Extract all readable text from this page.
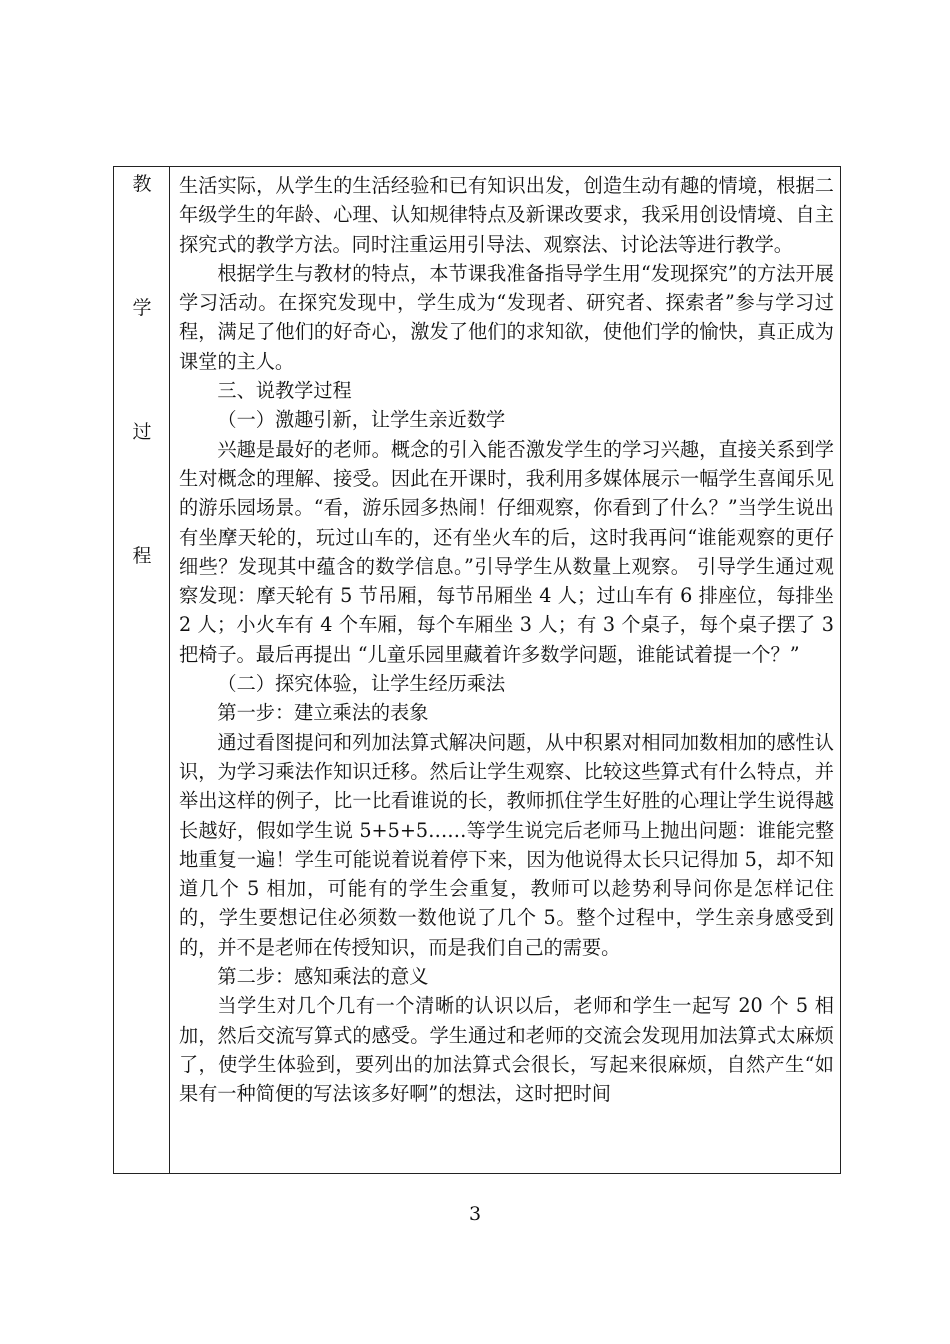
教
学
过
程

生活实际，从学生的生活经验和已有知识出发，创造生动有趣的情境，根据二年级学生的年龄、心理、认知规律特点及新课改要求，我采用创设情境、自主探究式的教学方法。同时注重运用引导法、观察法、讨论法等进行教学。

根据学生与教材的特点，本节课我准备指导学生用“发现探究”的方法开展学习活动。在探究发现中，学生成为“发现者、研究者、探索者”参与学习过程，满足了他们的好奇心，激发了他们的求知欲，使他们学的愉快，真正成为课堂的主人。

三、说教学过程

（一）激趣引新，让学生亲近数学

兴趣是最好的老师。概念的引入能否激发学生的学习兴趣，直接关系到学生对概念的理解、接受。因此在开课时，我利用多媒体展示一幅学生喜闻乐见的游乐园场景。“看，游乐园多热闹！仔细观察，你看到了什么？”当学生说出有坐摩天轮的，玩过山车的，还有坐火车的后，这时我再问“谁能观察的更仔细些？发现其中蕴含的数学信息。”引导学生从数量上观察。 引导学生通过观察发现：摩天轮有 5 节吊厢，每节吊厢坐 4 人；过山车有 6 排座位，每排坐 2 人；小火车有 4 个车厢，每个车厢坐 3 人；有 3 个桌子，每个桌子摆了 3 把椅子。最后再提出 “儿童乐园里藏着许多数学问题，谁能试着提一个？”

（二）探究体验，让学生经历乘法

第一步：建立乘法的表象

通过看图提问和列加法算式解决问题，从中积累对相同加数相加的感性认识，为学习乘法作知识迁移。然后让学生观察、比较这些算式有什么特点，并举出这样的例子，比一比看谁说的长，教师抓住学生好胜的心理让学生说得越长越好，假如学生说 5+5+5……等学生说完后老师马上抛出问题：谁能完整地重复一遍！学生可能说着说着停下来，因为他说得太长只记得加 5，却不知道几个 5 相加，可能有的学生会重复，教师可以趁势利导问你是怎样记住的，学生要想记住必须数一数他说了几个 5。整个过程中，学生亲身感受到的，并不是老师在传授知识，而是我们自己的需要。

第二步：感知乘法的意义

当学生对几个几有一个清晰的认识以后，老师和学生一起写 20 个 5 相加，然后交流写算式的感受。学生通过和老师的交流会发现用加法算式太麻烦了，使学生体验到，要列出的加法算式会很长，写起来很麻烦，自然产生“如果有一种简便的写法该多好啊”的想法，这时把时间

3
